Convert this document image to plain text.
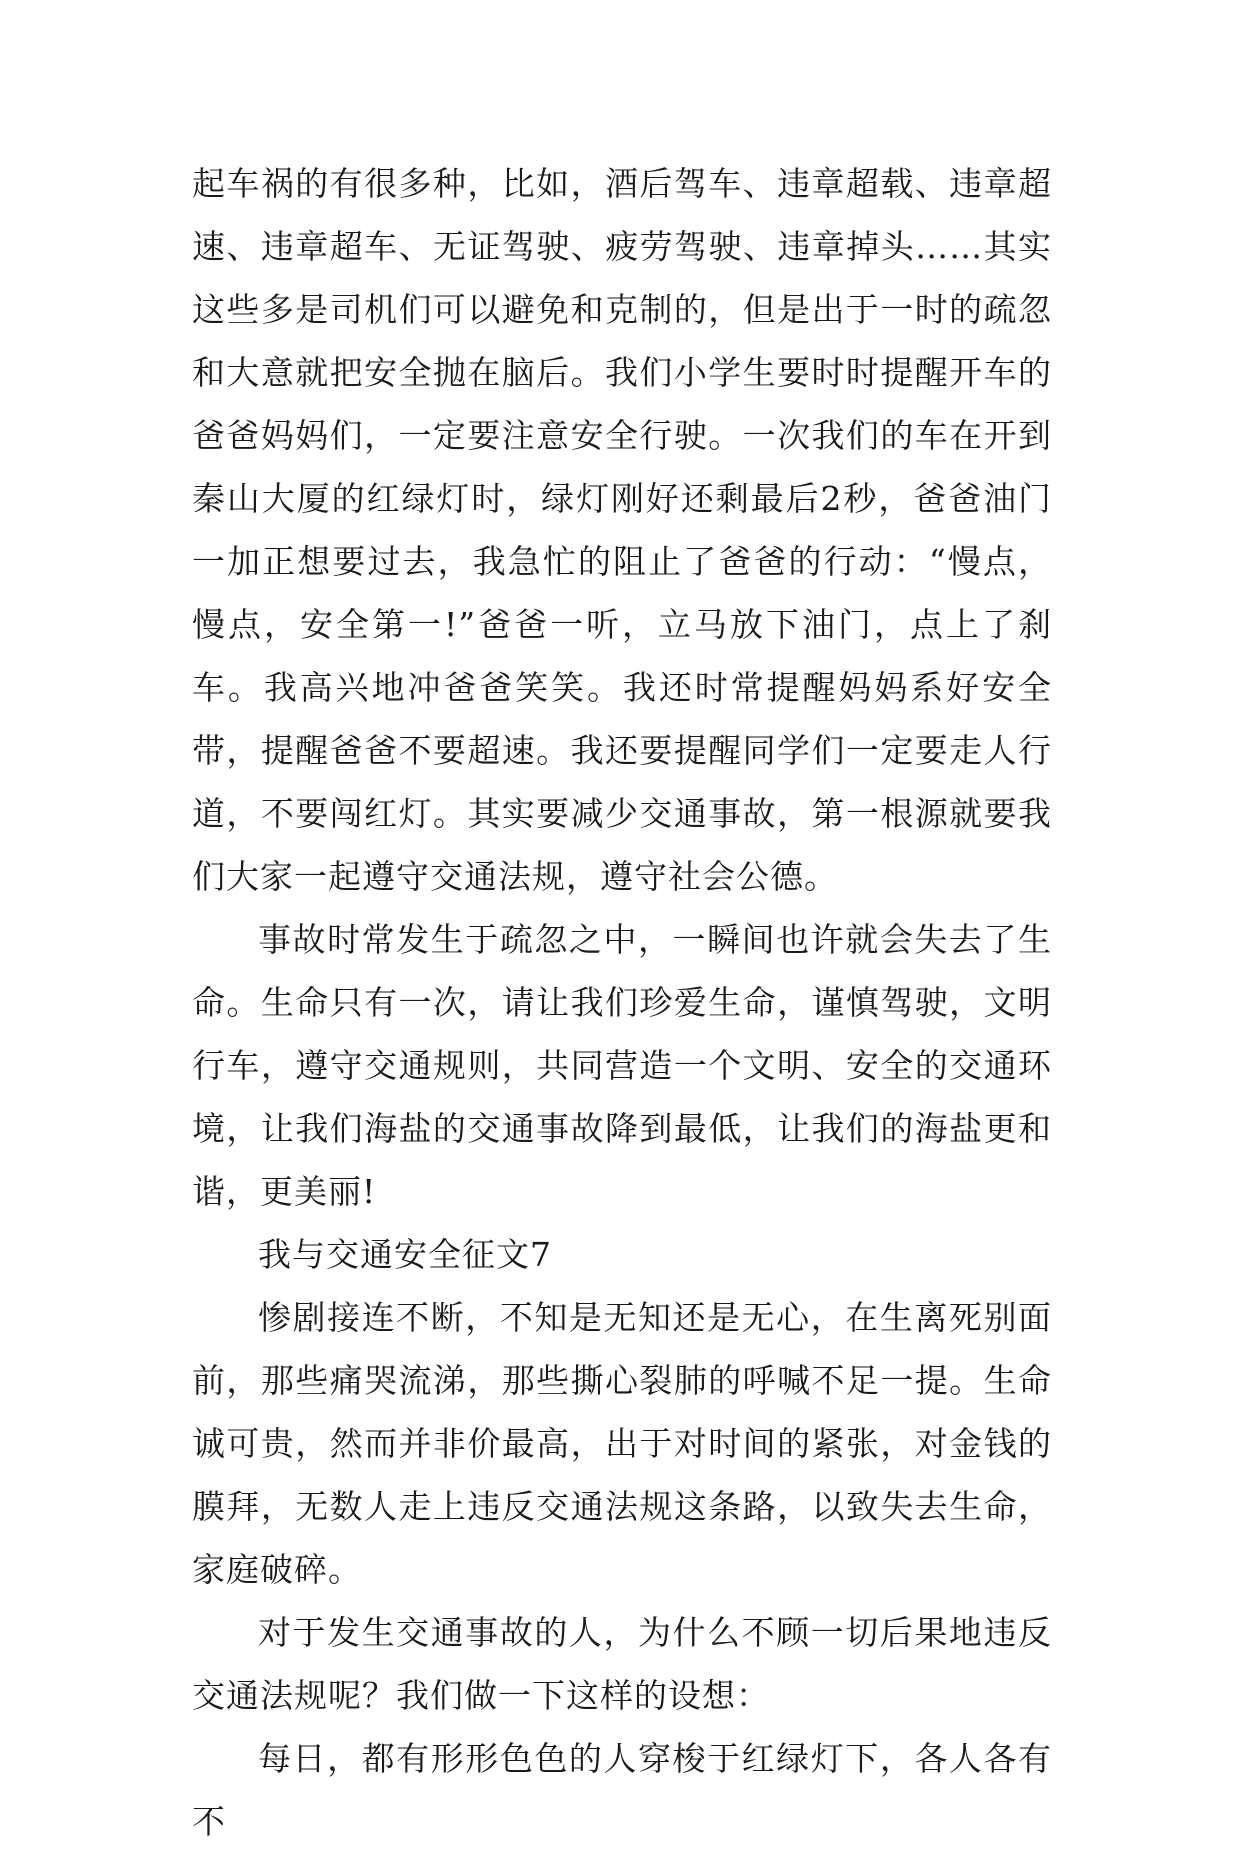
起车祸的有很多种，比如，酒后驾车、违章超载、违章超速、违章超车、无证驾驶、疲劳驾驶、违章掉头……其实这些多是司机们可以避免和克制的，但是出于一时的疏忽和大意就把安全抛在脑后。我们小学生要时时提醒开车的爸爸妈妈们，一定要注意安全行驶。一次我们的车在开到秦山大厦的红绿灯时，绿灯刚好还剩最后2秒，爸爸油门一加正想要过去，我急忙的阻止了爸爸的行动：“慢点，慢点，安全第一!”爸爸一听，立马放下油门，点上了刹车。我高兴地冲爸爸笑笑。我还时常提醒妈妈系好安全带，提醒爸爸不要超速。我还要提醒同学们一定要走人行道，不要闯红灯。其实要减少交通事故，第一根源就要我们大家一起遵守交通法规，遵守社会公德。

事故时常发生于疏忽之中，一瞬间也许就会失去了生命。生命只有一次，请让我们珍爱生命，谨慎驾驶，文明行车，遵守交通规则，共同营造一个文明、安全的交通环境，让我们海盐的交通事故降到最低，让我们的海盐更和谐，更美丽!

我与交通安全征文7

惨剧接连不断，不知是无知还是无心，在生离死别面前，那些痛哭流涕，那些撕心裂肺的呼喊不足一提。生命诚可贵，然而并非价最高，出于对时间的紧张，对金钱的膜拜，无数人走上违反交通法规这条路，以致失去生命，家庭破碎。

对于发生交通事故的人，为什么不顾一切后果地违反交通法规呢？我们做一下这样的设想：

每日，都有形形色色的人穿梭于红绿灯下，各人各有不
